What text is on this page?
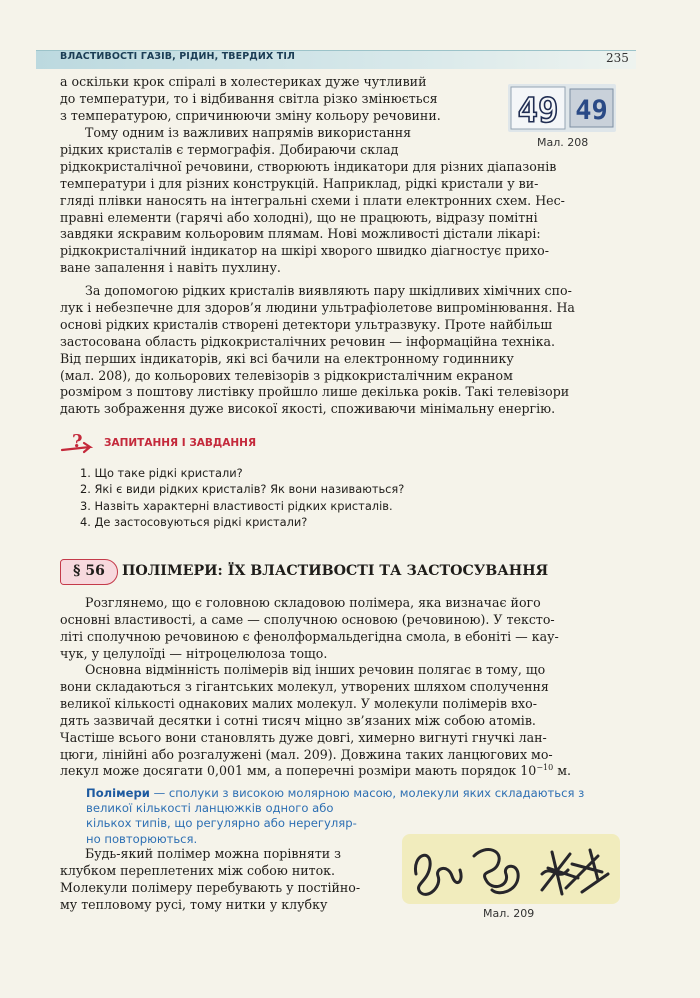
ВЛАСТИВОСТІ ГАЗІВ, РІДИН, ТВЕРДИХ ТІЛ	235
а оскільки крок спіралі в холестериках дуже чутливий
до температури, то і відбивання світла різко змінюється
з температурою, спричинюючи зміну кольору речовини.	49 49
Мал. 208
Тому одним із важливих напрямів використання
рідких кристалів є термографія. Добираючи склад
рідкокристалічної речовини, створюють індикатори для різних діапазонів
температури і для різних конструкцій. Наприклад, рідкі кристали у ви-
гляді плівки наносять на інтегральні схеми і плати електронних схем. Нес-
правні елементи (гарячі або холодні), що не працюють, відразу помітні
завдяки яскравим кольоровим плямам. Нові можливості дістали лікарі:
рідкокристалічний індикатор на шкірі хворого швидко діагностує прихо-
ване запалення і навіть пухлину.
За допомогою рідких кристалів виявляють пару шкідливих хімічних спо-
лук і небезпечне для здоров’я людини ультрафіолетове випромінювання. На
основі рідких кристалів створені детектори ультразвуку. Проте найбільш
застосована область рідкокристалічних речовин — інформаційна техніка.
Від перших індикаторів, які всі бачили на електронному годиннику
(мал. 208), до кольорових телевізорів з рідкокристалічним екраном
розміром з поштову листівку пройшло лише декілька років. Такі телевізори
дають зображення дуже високої якості, споживаючи мінімальну енергію.
? ЗАПИТАННЯ І ЗАВДАННЯ
1. Що таке рідкі кристали?
2. Які є види рідких кристалів? Як вони називаються?
3. Назвіть характерні властивості рідких кристалів.
4. Де застосовуються рідкі кристали?
§ 56	ПОЛІМЕРИ: ЇХ ВЛАСТИВОСТІ ТА ЗАСТОСУВАННЯ
Розглянемо, що є головною складовою полімера, яка визначає його
основні властивості, а саме — сполучною основою (речовиною). У тексто-
літі сполучною речовиною є фенолформальдегідна смола, в ебоніті — кау-
чук, у целулоїді — нітроцелюлоза тощо.
Основна відмінність полімерів від інших речовин полягає в тому, що
вони складаються з гігантських молекул, утворених шляхом сполучення
великої кількості однакових малих молекул. У молекули полімерів вхо-
дять зазвичай десятки і сотні тисяч міцно зв’язаних між собою атомів.
Частіше всього вони становлять дуже довгі, химерно вигнуті гнучкі лан-
цюги, лінійні або розгалужені (мал. 209). Довжина таких ланцюгових мо-
лекул може досягати 0,001 мм, а поперечні розміри мають порядок $10^{-10}$ м.
Полімери — сполуки з високою молярною масою, молекули яких складаються з
великої кількості ланцюжків одного або
кількох типів, що регулярно або нерегуляр-
но повторюються.
Будь-який полімер можна порівняти з
клубком переплетених між собою ниток.
Молекули полімеру перебувають у постійно-
му тепловому русі, тому нитки у клубку
Мал. 209
